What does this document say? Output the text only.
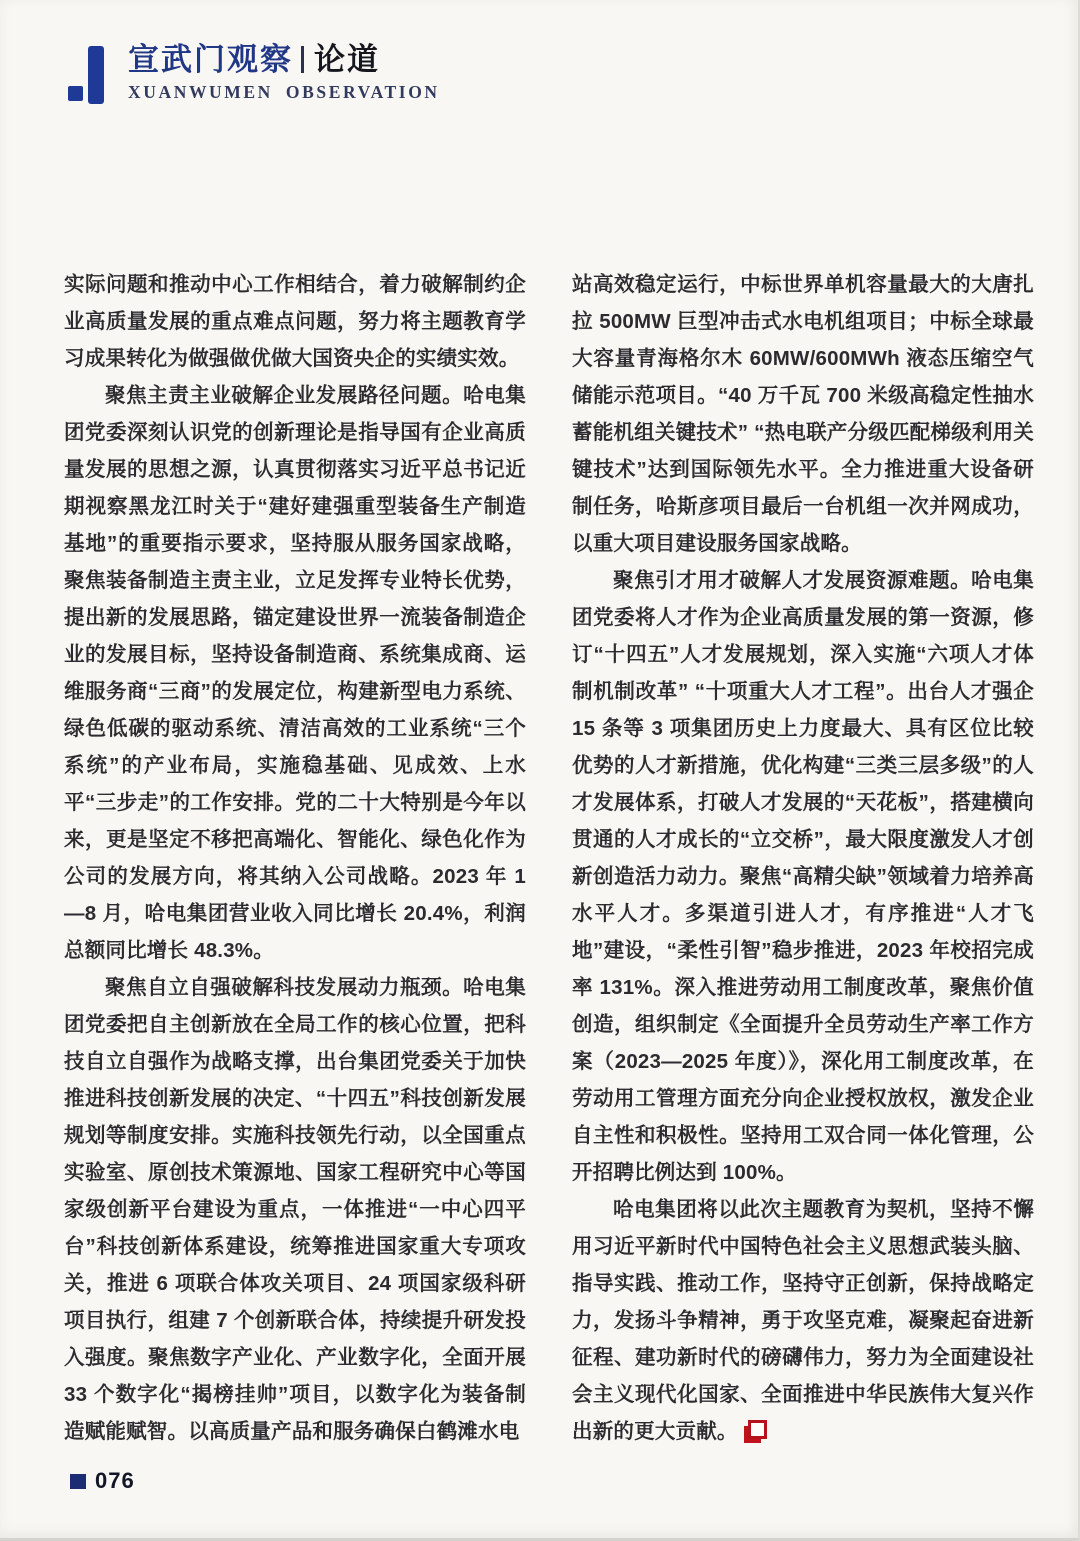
宣武门观察 论道
XUANWUMEN OBSERVATION

实际问题和推动中心工作相结合，着力破解制约企业高质量发展的重点难点问题，努力将主题教育学习成果转化为做强做优做大国资央企的实绩实效。

聚焦主责主业破解企业发展路径问题。哈电集团党委深刻认识党的创新理论是指导国有企业高质量发展的思想之源，认真贯彻落实习近平总书记近期视察黑龙江时关于“建好建强重型装备生产制造基地”的重要指示要求，坚持服从服务国家战略，聚焦装备制造主责主业，立足发挥专业特长优势，提出新的发展思路，锚定建设世界一流装备制造企业的发展目标，坚持设备制造商、系统集成商、运维服务商“三商”的发展定位，构建新型电力系统、绿色低碳的驱动系统、清洁高效的工业系统“三个系统”的产业布局，实施稳基础、见成效、上水平“三步走”的工作安排。党的二十大特别是今年以来，更是坚定不移把高端化、智能化、绿色化作为公司的发展方向，将其纳入公司战略。2023 年 1—8 月，哈电集团营业收入同比增长 20.4%，利润总额同比增长 48.3%。

聚焦自立自强破解科技发展动力瓶颈。哈电集团党委把自主创新放在全局工作的核心位置，把科技自立自强作为战略支撑，出台集团党委关于加快推进科技创新发展的决定、“十四五”科技创新发展规划等制度安排。实施科技领先行动，以全国重点实验室、原创技术策源地、国家工程研究中心等国家级创新平台建设为重点，一体推进“一中心四平台”科技创新体系建设，统筹推进国家重大专项攻关，推进 6 项联合体攻关项目、24 项国家级科研项目执行，组建 7 个创新联合体，持续提升研发投入强度。聚焦数字产业化、产业数字化，全面开展 33 个数字化“揭榜挂帅”项目，以数字化为装备制造赋能赋智。以高质量产品和服务确保白鹤滩水电

站高效稳定运行，中标世界单机容量最大的大唐扎拉 500MW 巨型冲击式水电机组项目；中标全球最大容量青海格尔木 60MW/600MWh 液态压缩空气储能示范项目。“40 万千瓦 700 米级高稳定性抽水蓄能机组关键技术” “热电联产分级匹配梯级利用关键技术”达到国际领先水平。全力推进重大设备研制任务，哈斯彦项目最后一台机组一次并网成功，以重大项目建设服务国家战略。

聚焦引才用才破解人才发展资源难题。哈电集团党委将人才作为企业高质量发展的第一资源，修订“十四五”人才发展规划，深入实施“六项人才体制机制改革” “十项重大人才工程”。出台人才强企 15 条等 3 项集团历史上力度最大、具有区位比较优势的人才新措施，优化构建“三类三层多级”的人才发展体系，打破人才发展的“天花板”，搭建横向贯通的人才成长的“立交桥”，最大限度激发人才创新创造活力动力。聚焦“高精尖缺”领域着力培养高水平人才。多渠道引进人才，有序推进“人才飞地”建设，“柔性引智”稳步推进，2023 年校招完成率 131%。深入推进劳动用工制度改革，聚焦价值创造，组织制定《全面提升全员劳动生产率工作方案（2023—2025 年度）》，深化用工制度改革，在劳动用工管理方面充分向企业授权放权，激发企业自主性和积极性。坚持用工双合同一体化管理，公开招聘比例达到 100%。

哈电集团将以此次主题教育为契机，坚持不懈用习近平新时代中国特色社会主义思想武装头脑、指导实践、推动工作，坚持守正创新，保持战略定力，发扬斗争精神，勇于攻坚克难，凝聚起奋进新征程、建功新时代的磅礴伟力，努力为全面建设社会主义现代化国家、全面推进中华民族伟大复兴作出新的更大贡献。

076
